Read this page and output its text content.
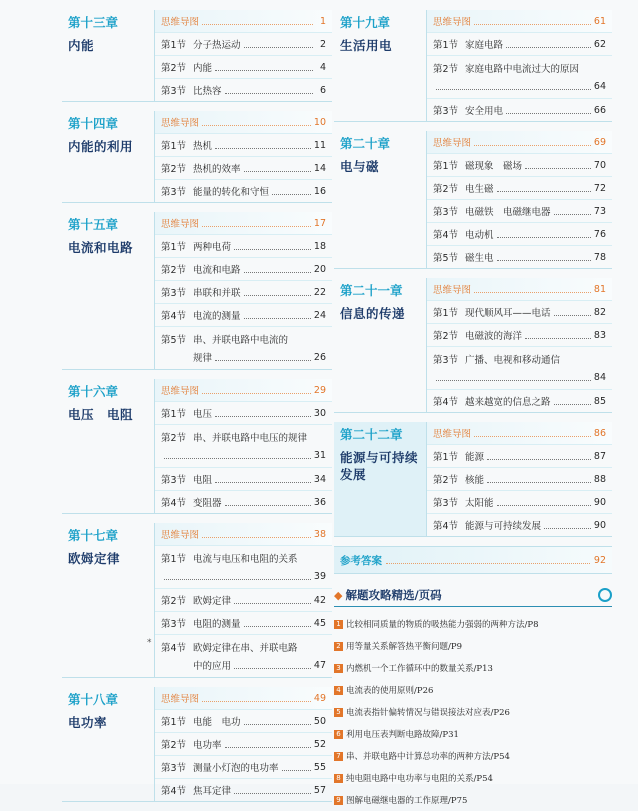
第十三章
内能
思维导图	1
第1节 分子热运动	2
第2节 内能	4
第3节 比热容	6
第十四章
内能的利用
思维导图	10
第1节 热机	11
第2节 热机的效率	14
第3节 能量的转化和守恒	16
第十五章
电流和电路
思维导图	17
第1节 两种电荷	18
第2节 电流和电路	20
第3节 串联和并联	22
第4节 电流的测量	24
第5节 串、并联电路中电流的
规律	26
第十六章
电压　电阻
思维导图	29
第1节 电压	30
第2节 串、并联电路中电压的规律
31
第3节 电阻	34
第4节 变阻器	36
第十七章
欧姆定律
思维导图	38
第1节 电流与电压和电阻的关系
39
第2节 欧姆定律	42
第3节 电阻的测量	45
* 第4节 欧姆定律在串、并联电路
中的应用	47
第十八章
电功率
思维导图	49
第1节 电能　电功	50
第2节 电功率	52
第3节 测量小灯泡的电功率	55
第4节 焦耳定律	57
第十九章
生活用电
思维导图	61
第1节 家庭电路	62
第2节 家庭电路中电流过大的原因
64
第3节 安全用电	66
第二十章
电与磁
思维导图	69
第1节 磁现象　磁场	70
第2节 电生磁	72
第3节 电磁铁　电磁继电器	73
第4节 电动机	76
第5节 磁生电	78
第二十一章
信息的传递
思维导图	81
第1节 现代顺风耳——电话	82
第2节 电磁波的海洋	83
第3节 广播、电视和移动通信
84
第4节 越来越宽的信息之路	85
第二十二章
能源与可持续发展
思维导图	86
第1节 能源	87
第2节 核能	88
第3节 太阳能	90
第4节 能源与可持续发展	90
参考答案	92
◆ 解题攻略精选/页码
1 比较相同质量的物质的吸热能力强弱的两种方法/P8
2 用等量关系解答热平衡问题/P9
3 内燃机一个工作循环中的数量关系/P13
4 电流表的使用原则/P26
5 电流表指针偏转情况与错误接法对应表/P26
6 利用电压表判断电路故障/P31
7 串、并联电路中计算总功率的两种方法/P54
8 纯电阻电路中电功率与电阻的关系/P54
9 图解电磁继电器的工作原理/P75
